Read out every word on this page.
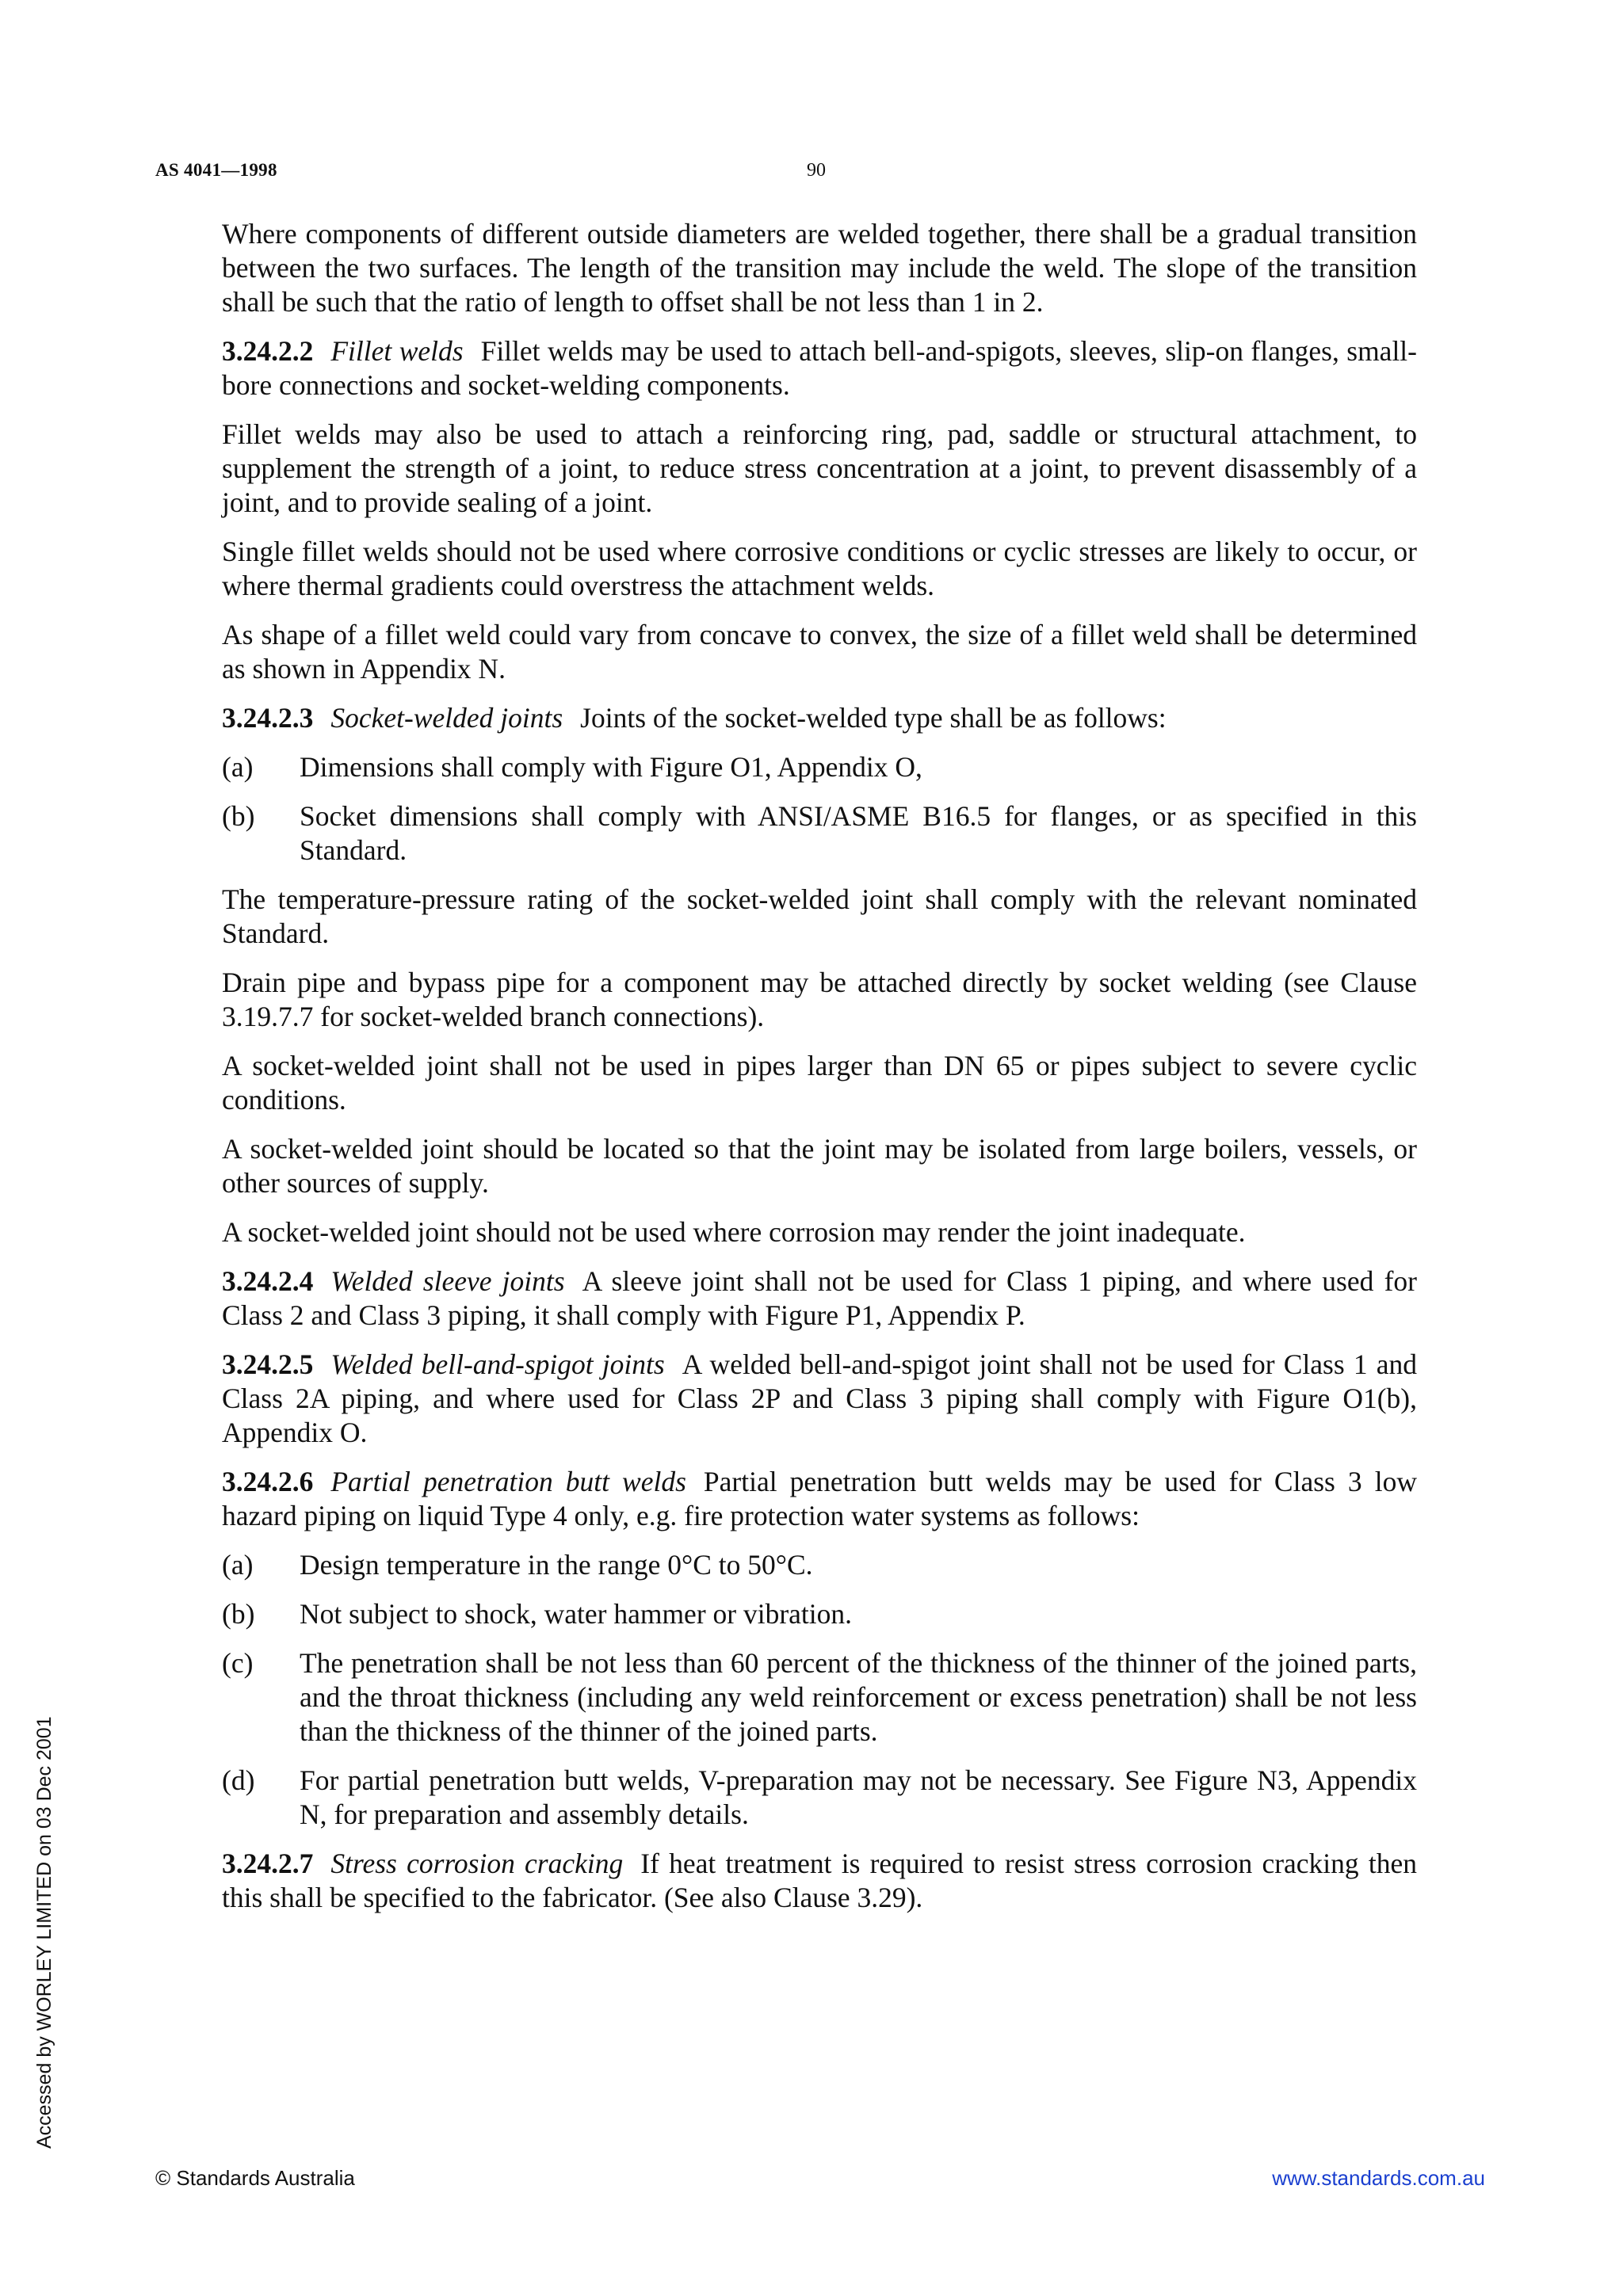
AS 4041—1998	90

Where components of different outside diameters are welded together, there shall be a gradual transition between the two surfaces. The length of the transition may include the weld. The slope of the transition shall be such that the ratio of length to offset shall be not less than 1 in 2.

3.24.2.2 Fillet welds Fillet welds may be used to attach bell-and-spigots, sleeves, slip-on flanges, small-bore connections and socket-welding components.

Fillet welds may also be used to attach a reinforcing ring, pad, saddle or structural attachment, to supplement the strength of a joint, to reduce stress concentration at a joint, to prevent disassembly of a joint, and to provide sealing of a joint.

Single fillet welds should not be used where corrosive conditions or cyclic stresses are likely to occur, or where thermal gradients could overstress the attachment welds.

As shape of a fillet weld could vary from concave to convex, the size of a fillet weld shall be determined as shown in Appendix N.

3.24.2.3 Socket-welded joints Joints of the socket-welded type shall be as follows:

(a)	Dimensions shall comply with Figure O1, Appendix O,
(b)	Socket dimensions shall comply with ANSI/ASME B16.5 for flanges, or as specified in this Standard.

The temperature-pressure rating of the socket-welded joint shall comply with the relevant nominated Standard.

Drain pipe and bypass pipe for a component may be attached directly by socket welding (see Clause 3.19.7.7 for socket-welded branch connections).

A socket-welded joint shall not be used in pipes larger than DN 65 or pipes subject to severe cyclic conditions.

A socket-welded joint should be located so that the joint may be isolated from large boilers, vessels, or other sources of supply.

A socket-welded joint should not be used where corrosion may render the joint inadequate.

3.24.2.4 Welded sleeve joints A sleeve joint shall not be used for Class 1 piping, and where used for Class 2 and Class 3 piping, it shall comply with Figure P1, Appendix P.

3.24.2.5 Welded bell-and-spigot joints A welded bell-and-spigot joint shall not be used for Class 1 and Class 2A piping, and where used for Class 2P and Class 3 piping shall comply with Figure O1(b), Appendix O.

3.24.2.6 Partial penetration butt welds Partial penetration butt welds may be used for Class 3 low hazard piping on liquid Type 4 only, e.g. fire protection water systems as follows:

(a)	Design temperature in the range 0°C to 50°C.
(b)	Not subject to shock, water hammer or vibration.
(c)	The penetration shall be not less than 60 percent of the thickness of the thinner of the joined parts, and the throat thickness (including any weld reinforcement or excess penetration) shall be not less than the thickness of the thinner of the joined parts.
(d)	For partial penetration butt welds, V-preparation may not be necessary. See Figure N3, Appendix N, for preparation and assembly details.

3.24.2.7 Stress corrosion cracking If heat treatment is required to resist stress corrosion cracking then this shall be specified to the fabricator. (See also Clause 3.29).

Accessed by WORLEY LIMITED on 03 Dec 2001
© Standards Australia	www.standards.com.au
